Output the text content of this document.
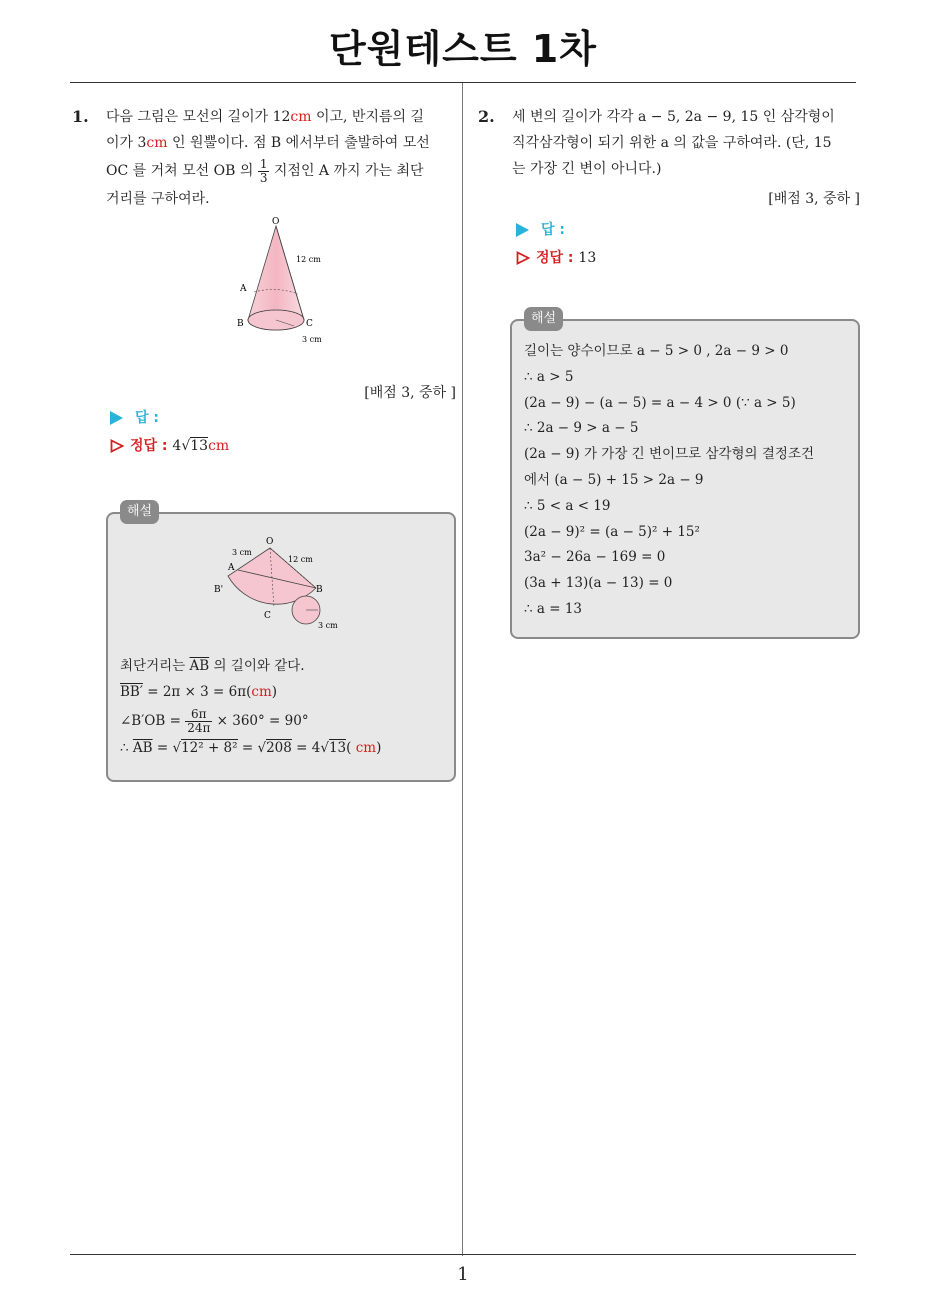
단원테스트 1차
1. 다음 그림은 모선의 길이가 12cm 이고, 반지름의 길
이가 3cm 인 원뿔이다. 점 B 에서부터 출발하여 모선
OC 를 거쳐 모선 OB 의 $\frac{1}{3}$ 지점인 A 까지 가는 최단
거리를 구하여라.
O
A
B	C
12 cm
3 cm
[배점 3, 중하 ]
답 :
정답 : 4√13cm
해설
O
A
B'	B
C
3 cm
12 cm
3 cm
최단거리는 $\overline{AB}$ 의 길이와 같다.
BB′ = 2π × 3 = 6π(cm)
∠B′OB = $\frac{6\pi}{24\pi} \times 360^\circ = 90^\circ$
∴ $\overline{AB} = √12^2 + 8^2 = √208 = 4√13$( cm)
2. 세 변의 길이가 각각 a − 5, 2a − 9, 15 인 삼각형이
직각삼각형이 되기 위한 a 의 값을 구하여라. (단, 15
는 가장 긴 변이 아니다.)
[배점 3, 중하 ]
답 :
정답 : 13
해설
길이는 양수이므로 a − 5 > 0 , 2a − 9 > 0
∴ a > 5
(2a − 9) − (a − 5) = a − 4 > 0 (∵ a > 5)
∴ 2a − 9 > a − 5
(2a − 9) 가 가장 긴 변이므로 삼각형의 결정조건
에서 (a − 5) + 15 > 2a − 9
∴ 5 < a < 19
(2a − 9)² = (a − 5)² + 15²
3a² − 26a − 169 = 0
(3a + 13)(a − 13) = 0
∴ a = 13
1
